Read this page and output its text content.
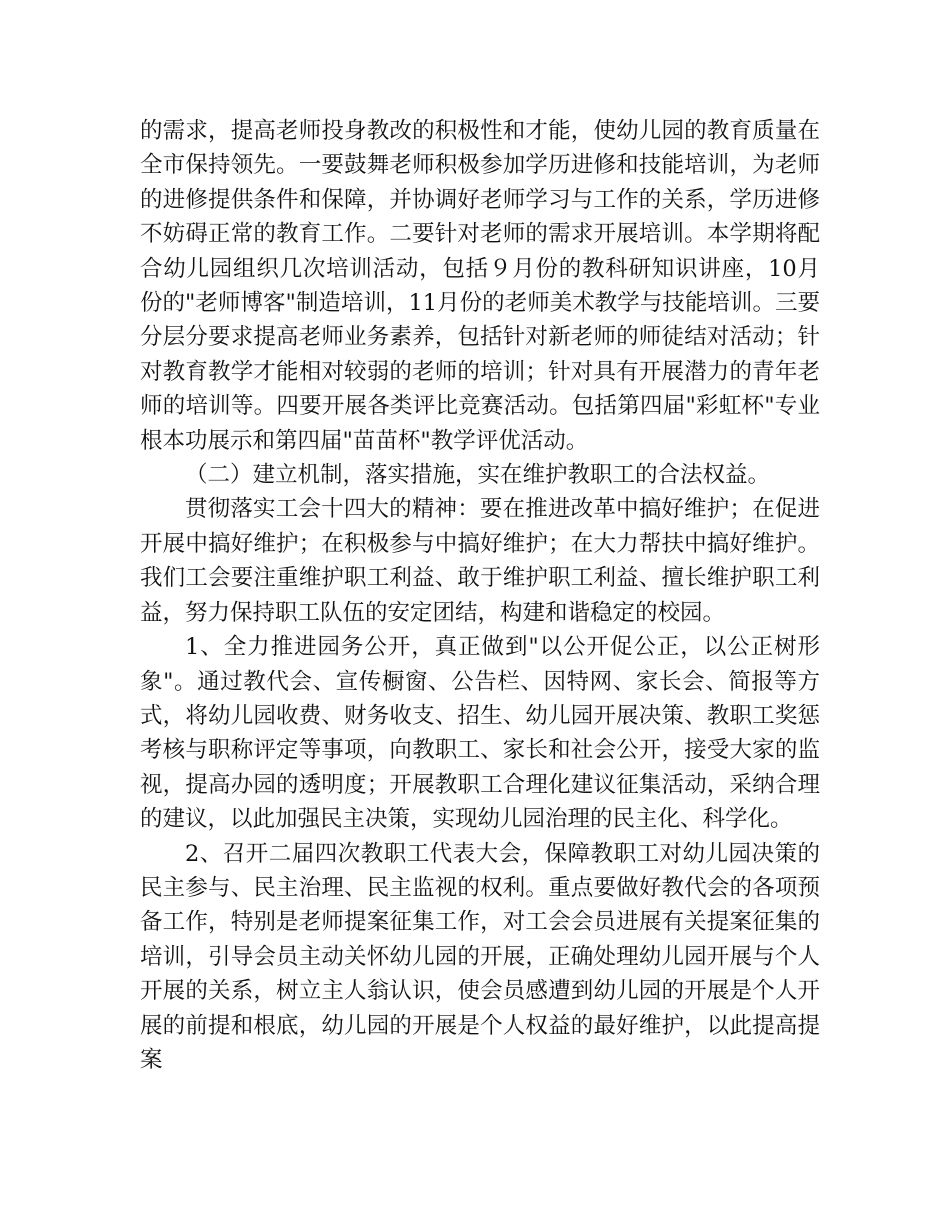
的需求，提高老师投身教改的积极性和才能，使幼儿园的教育质量在全市保持领先。一要鼓舞老师积极参加学历进修和技能培训，为老师的进修提供条件和保障，并协调好老师学习与工作的关系，学历进修不妨碍正常的教育工作。二要针对老师的需求开展培训。本学期将配合幼儿园组织几次培训活动，包括９月份的教科研知识讲座，10月份的"老师博客"制造培训，11月份的老师美术教学与技能培训。三要分层分要求提高老师业务素养，包括针对新老师的师徒结对活动；针对教育教学才能相对较弱的老师的培训；针对具有开展潜力的青年老师的培训等。四要开展各类评比竞赛活动。包括第四届"彩虹杯"专业根本功展示和第四届"苗苗杯"教学评优活动。

（二）建立机制，落实措施，实在维护教职工的合法权益。

贯彻落实工会十四大的精神：要在推进改革中搞好维护；在促进开展中搞好维护；在积极参与中搞好维护；在大力帮扶中搞好维护。我们工会要注重维护职工利益、敢于维护职工利益、擅长维护职工利益，努力保持职工队伍的安定团结，构建和谐稳定的校园。

1、全力推进园务公开，真正做到"以公开促公正，以公正树形象"。通过教代会、宣传橱窗、公告栏、因特网、家长会、简报等方式，将幼儿园收费、财务收支、招生、幼儿园开展决策、教职工奖惩考核与职称评定等事项，向教职工、家长和社会公开，接受大家的监视，提高办园的透明度；开展教职工合理化建议征集活动，采纳合理的建议，以此加强民主决策，实现幼儿园治理的民主化、科学化。

2、召开二届四次教职工代表大会，保障教职工对幼儿园决策的民主参与、民主治理、民主监视的权利。重点要做好教代会的各项预备工作，特别是老师提案征集工作，对工会会员进展有关提案征集的培训，引导会员主动关怀幼儿园的开展，正确处理幼儿园开展与个人开展的关系，树立主人翁认识，使会员感遭到幼儿园的开展是个人开展的前提和根底，幼儿园的开展是个人权益的最好维护，以此提高提案
